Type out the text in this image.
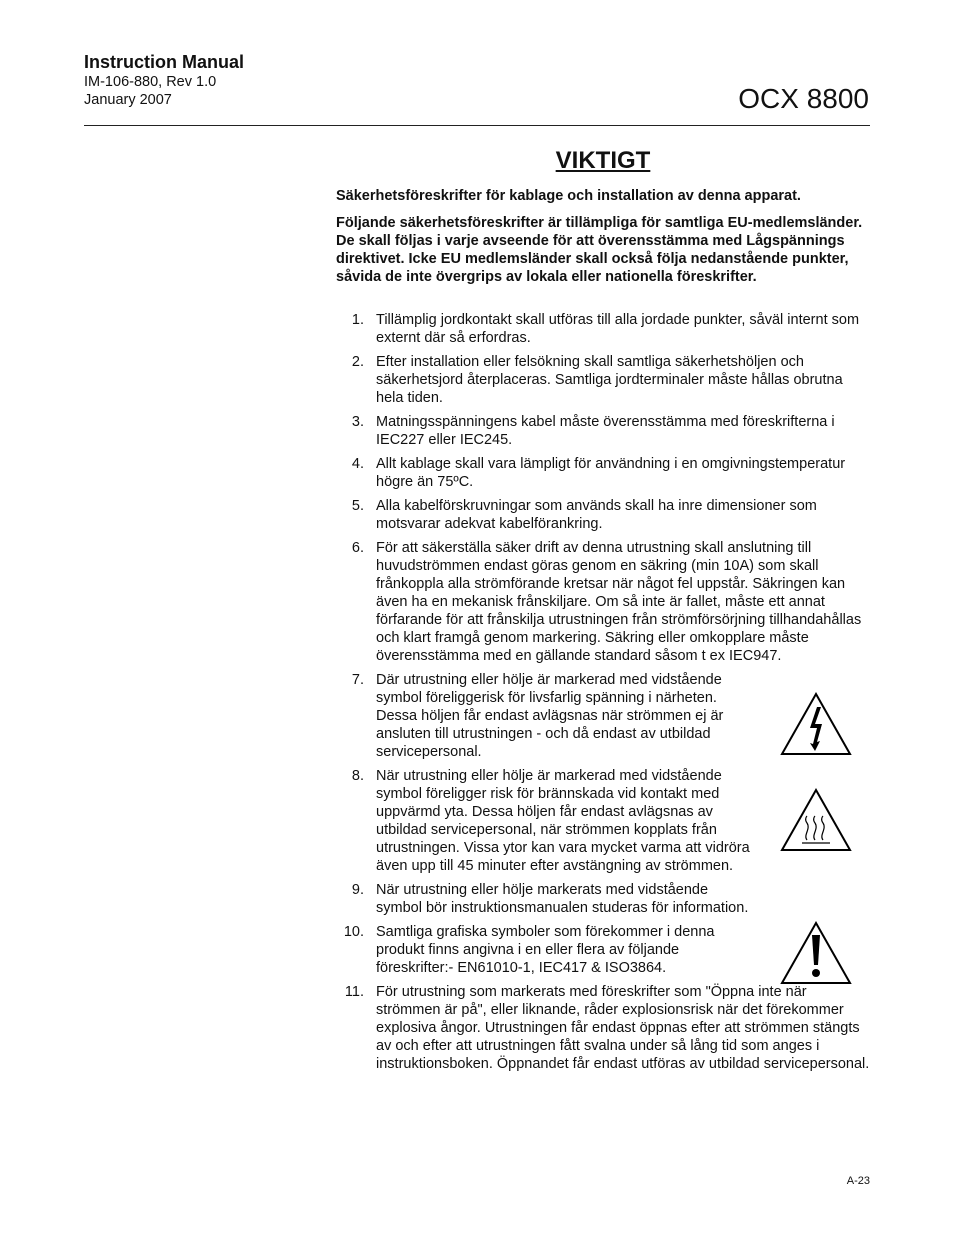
Instruction Manual
IM-106-880, Rev 1.0
January 2007	OCX 8800
VIKTIGT

Säkerhetsföreskrifter för kablage och installation av denna apparat.

Följande säkerhetsföreskrifter är tillämpliga för samtliga EU-medlemsländer. De skall följas i varje avseende för att överensstämma med Lågspännings direktivet. Icke EU medlemsländer skall också följa nedanstående punkter, såvida de inte övergrips av lokala eller nationella föreskrifter.

1. Tillämplig jordkontakt skall utföras till alla jordade punkter, såväl internt som externt där så erfordras.
2. Efter installation eller felsökning skall samtliga säkerhetshöljen och säkerhetsjord återplaceras. Samtliga jordterminaler måste hållas obrutna hela tiden.
3. Matningsspänningens kabel måste överensstämma med föreskrifterna i IEC227 eller IEC245.
4. Allt kablage skall vara lämpligt för användning i en omgivningstemperatur högre än 75ºC.
5. Alla kabelförskruvningar som används skall ha inre dimensioner som motsvarar adekvat kabelförankring.
6. För att säkerställa säker drift av denna utrustning skall anslutning till huvudströmmen endast göras genom en säkring (min 10A) som skall frånkoppla alla strömförande kretsar när något fel uppstår. Säkringen kan även ha en mekanisk frånskiljare. Om så inte är fallet, måste ett annat förfarande för att frånskilja utrustningen från strömförsörjning tillhandahållas och klart framgå genom markering. Säkring eller omkopplare måste överensstämma med en gällande standard såsom t ex IEC947.
7. Där utrustning eller hölje är markerad med vidstående symbol föreliggerisk för livsfarlig spänning i närheten. Dessa höljen får endast avlägsnas när strömmen ej är ansluten till utrustningen - och då endast av utbildad servicepersonal.
8. När utrustning eller hölje är markerad med vidstående symbol föreligger risk för brännskada vid kontakt med uppvärmd yta. Dessa höljen får endast avlägsnas av utbildad servicepersonal, när strömmen kopplats från utrustningen. Vissa ytor kan vara mycket varma att vidröra även upp till 45 minuter efter avstängning av strömmen.
9. När utrustning eller hölje markerats med vidstående symbol bör instruktionsmanualen studeras för information.
10. Samtliga grafiska symboler som förekommer i denna produkt finns angivna i en eller flera av följande föreskrifter:- EN61010-1, IEC417 & ISO3864.
11. För utrustning som markerats med föreskrifter som "Öppna inte när strömmen är på", eller liknande, råder explosionsrisk när det förekommer explosiva ångor. Utrustningen får endast öppnas efter att strömmen stängts av och efter att utrustningen fått svalna under så lång tid som anges i instruktionsboken. Öppnandet får endast utföras av utbildad servicepersonal.
A-23
